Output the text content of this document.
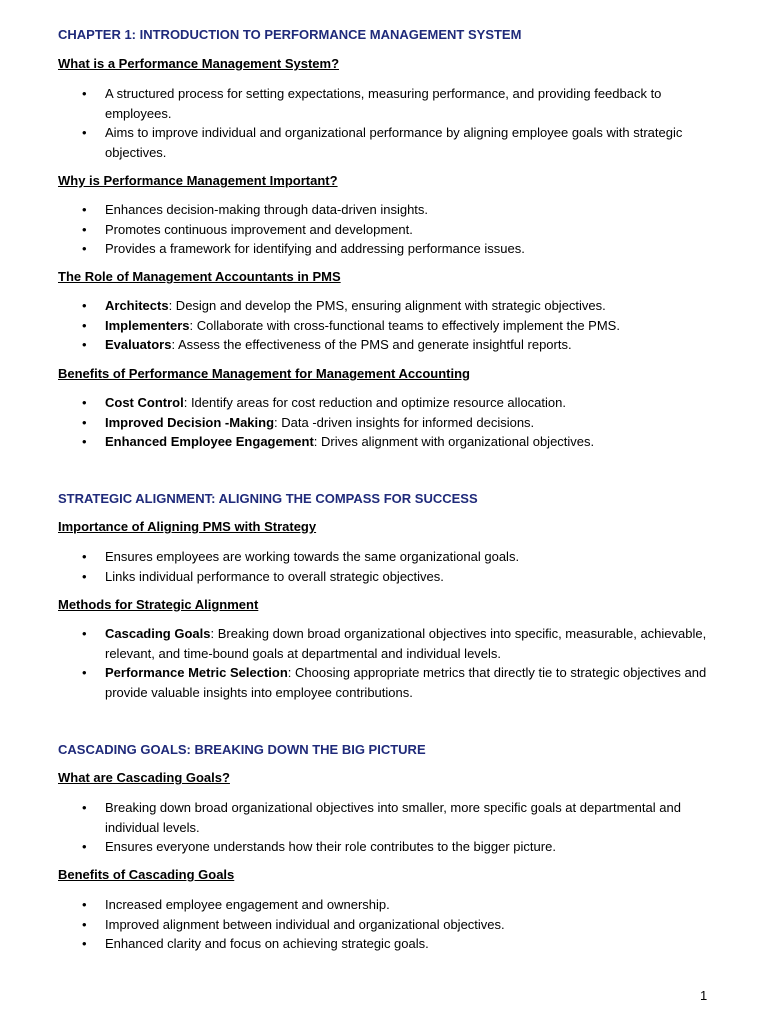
CHAPTER 1: INTRODUCTION TO PERFORMANCE MANAGEMENT SYSTEM
What is a Performance Management System?
• A structured process for setting expectations, measuring performance, and providing feedback to employees.
• Aims to improve individual and organizational performance by aligning employee goals with strategic objectives.
Why is Performance Management Important?
• Enhances decision-making through data-driven insights.
• Promotes continuous improvement and development.
• Provides a framework for identifying and addressing performance issues.
The Role of Management Accountants in PMS
• Architects: Design and develop the PMS, ensuring alignment with strategic objectives.
• Implementers: Collaborate with cross-functional teams to effectively implement the PMS.
• Evaluators: Assess the effectiveness of the PMS and generate insightful reports.
Benefits of Performance Management for Management Accounting
• Cost Control: Identify areas for cost reduction and optimize resource allocation.
• Improved Decision -Making: Data -driven insights for informed decisions.
• Enhanced Employee Engagement: Drives alignment with organizational objectives.
STRATEGIC ALIGNMENT: ALIGNING THE COMPASS FOR SUCCESS
Importance of Aligning PMS with Strategy
• Ensures employees are working towards the same organizational goals.
• Links individual performance to overall strategic objectives.
Methods for Strategic Alignment
• Cascading Goals: Breaking down broad organizational objectives into specific, measurable, achievable, relevant, and time-bound goals at departmental and individual levels.
• Performance Metric Selection: Choosing appropriate metrics that directly tie to strategic objectives and provide valuable insights into employee contributions.
CASCADING GOALS: BREAKING DOWN THE BIG PICTURE
What are Cascading Goals?
• Breaking down broad organizational objectives into smaller, more specific goals at departmental and individual levels.
• Ensures everyone understands how their role contributes to the bigger picture.
Benefits of Cascading Goals
• Increased employee engagement and ownership.
• Improved alignment between individual and organizational objectives.
• Enhanced clarity and focus on achieving strategic goals.
1
